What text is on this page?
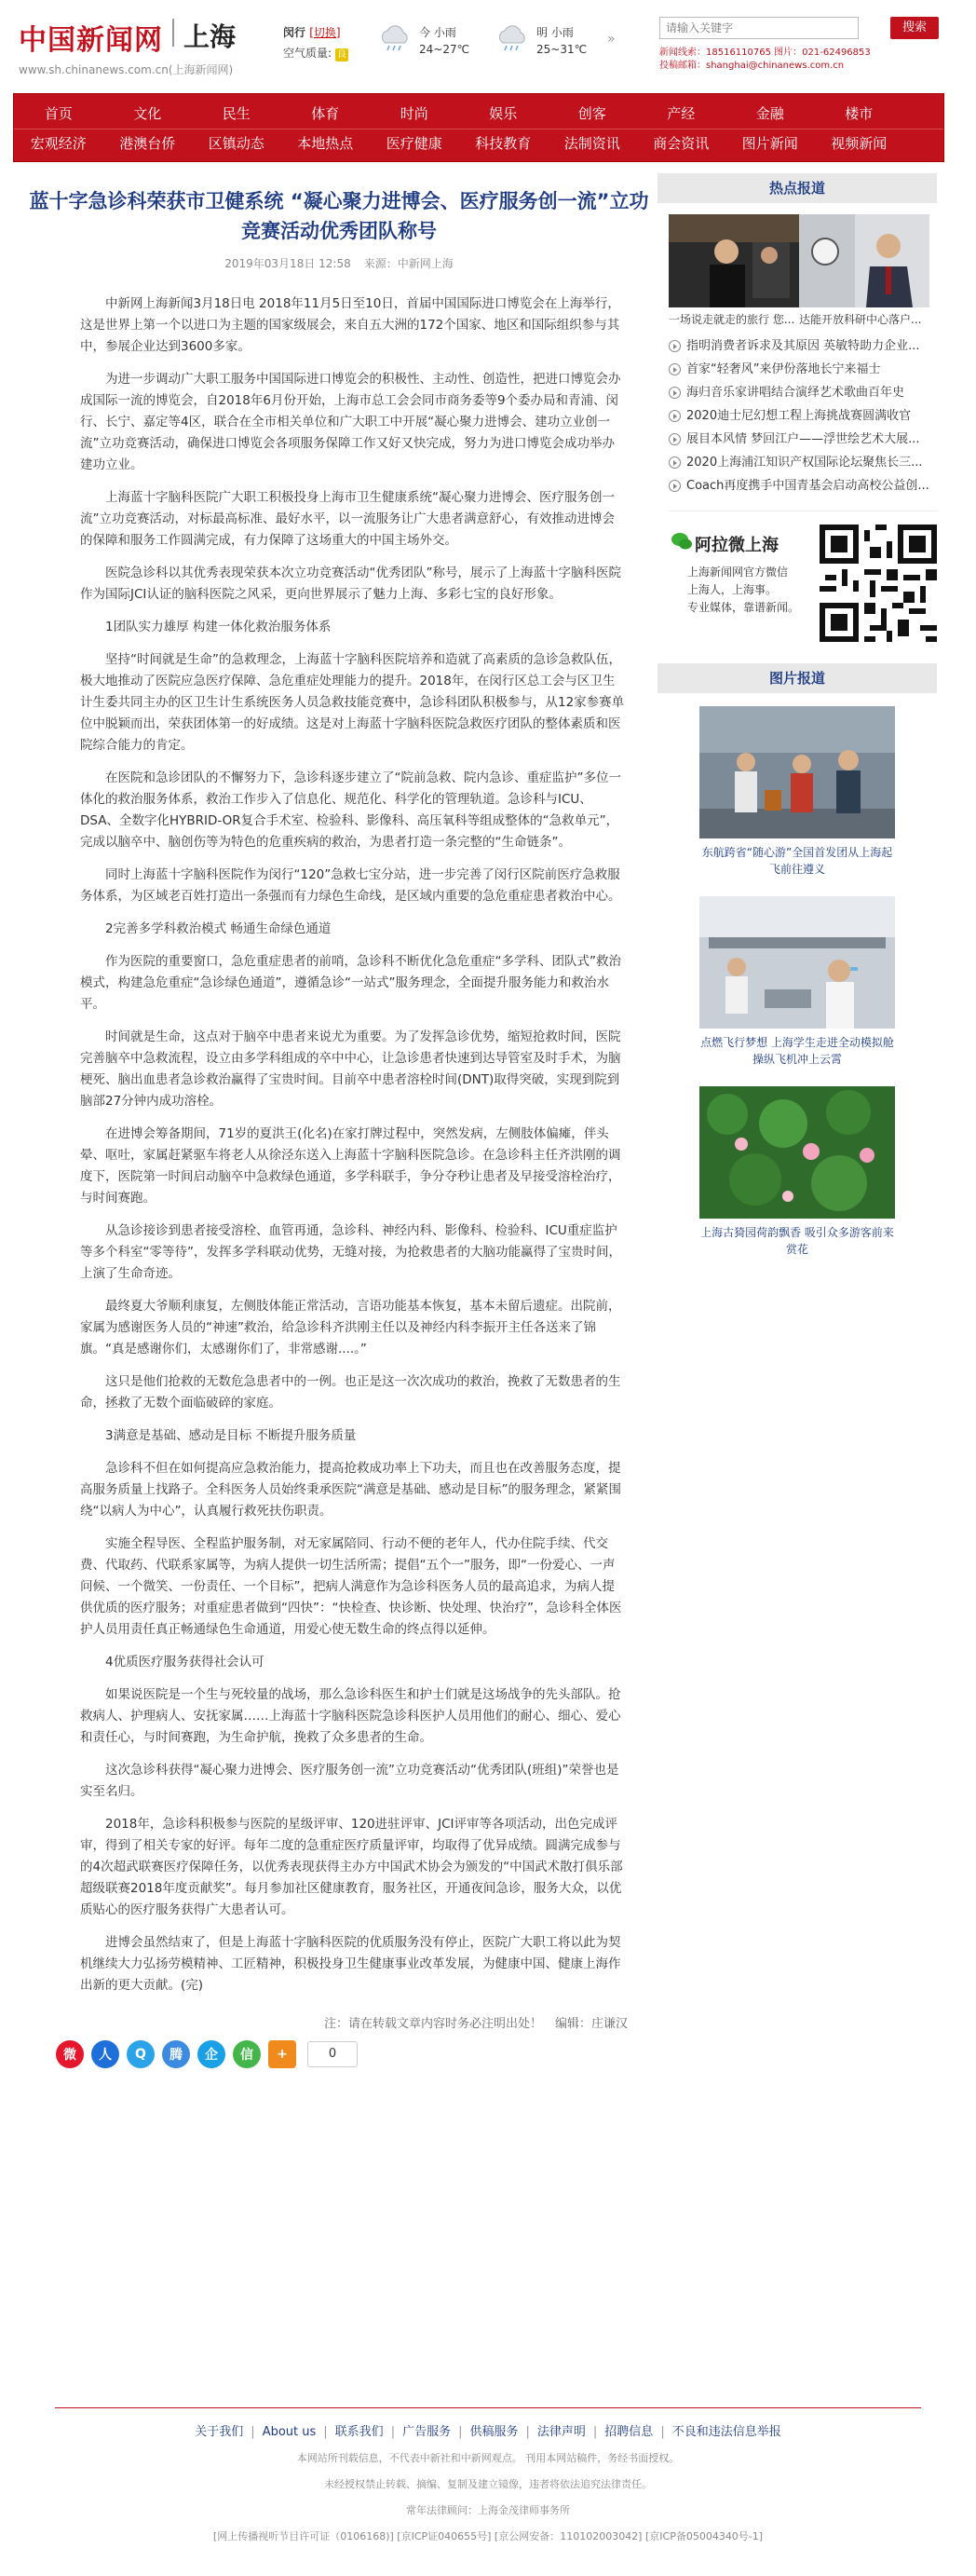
中国新闻网 上海
www.sh.chinanews.com.cn(上海新闻网)
闵行 [切换]
空气质量: 良
今 小雨
24~27℃
明 小雨
25~31℃
»
请输入关键字
搜索
新闻线索：18516110765 图片：021-62496853
投稿邮箱：shanghai@chinanews.com.cn
首页	文化	民生	体育	时尚	娱乐	创客	产经	金融	楼市
宏观经济	港澳台侨	区镇动态	本地热点	医疗健康	科技教育	法制资讯	商会资讯	图片新闻	视频新闻
蓝十字急诊科荣获市卫健系统 “凝心聚力进博会、医疗服务创一流”立功竞赛活动优秀团队称号
2019年03月18日 12:58 来源：中新网上海

中新网上海新闻3月18日电 2018年11月5日至10日，首届中国国际进口博览会在上海举行，这是世界上第一个以进口为主题的国家级展会，来自五大洲的172个国家、地区和国际组织参与其中，参展企业达到3600多家。

为进一步调动广大职工服务中国国际进口博览会的积极性、主动性、创造性，把进口博览会办成国际一流的博览会，自2018年6月份开始，上海市总工会会同市商务委等9个委办局和青浦、闵行、长宁、嘉定等4区，联合在全市相关单位和广大职工中开展“凝心聚力进博会、建功立业创一流”立功竞赛活动，确保进口博览会各项服务保障工作又好又快完成，努力为进口博览会成功举办建功立业。

上海蓝十字脑科医院广大职工积极投身上海市卫生健康系统“凝心聚力进博会、医疗服务创一流”立功竞赛活动，对标最高标准、最好水平，以一流服务让广大患者满意舒心，有效推动进博会的保障和服务工作圆满完成，有力保障了这场重大的中国主场外交。

医院急诊科以其优秀表现荣获本次立功竞赛活动“优秀团队”称号，展示了上海蓝十字脑科医院作为国际JCI认证的脑科医院之风采，更向世界展示了魅力上海、多彩七宝的良好形象。

1团队实力雄厚 构建一体化救治服务体系

坚持“时间就是生命”的急救理念，上海蓝十字脑科医院培养和造就了高素质的急诊急救队伍，极大地推动了医院应急医疗保障、急危重症处理能力的提升。2018年，在闵行区总工会与区卫生计生委共同主办的区卫生计生系统医务人员急救技能竞赛中，急诊科团队积极参与，从12家参赛单位中脱颖而出，荣获团体第一的好成绩。这是对上海蓝十字脑科医院急救医疗团队的整体素质和医院综合能力的肯定。

在医院和急诊团队的不懈努力下，急诊科逐步建立了“院前急救、院内急诊、重症监护”多位一体化的救治服务体系，救治工作步入了信息化、规范化、科学化的管理轨道。急诊科与ICU、DSA、全数字化HYBRID-OR复合手术室、检验科、影像科、高压氧科等组成整体的“急救单元”，完成以脑卒中、脑创伤等为特色的危重疾病的救治，为患者打造一条完整的“生命链条”。

同时上海蓝十字脑科医院作为闵行“120”急救七宝分站，进一步完善了闵行区院前医疗急救服务体系，为区域老百姓打造出一条强而有力绿色生命线，是区域内重要的急危重症患者救治中心。

2完善多学科救治模式 畅通生命绿色通道

作为医院的重要窗口，急危重症患者的前哨，急诊科不断优化急危重症“多学科、团队式”救治模式，构建急危重症“急诊绿色通道”，遵循急诊“一站式”服务理念，全面提升服务能力和救治水平。

时间就是生命，这点对于脑卒中患者来说尤为重要。为了发挥急诊优势，缩短抢救时间，医院完善脑卒中急救流程，设立由多学科组成的卒中中心，让急诊患者快速到达导管室及时手术，为脑梗死、脑出血患者急诊救治赢得了宝贵时间。目前卒中患者溶栓时间(DNT)取得突破，实现到院到脑部27分钟内成功溶栓。

在进博会筹备期间，71岁的夏洪王(化名)在家打牌过程中，突然发病，左侧肢体偏瘫，伴头晕、呕吐，家属赶紧驱车将老人从徐泾东送入上海蓝十字脑科医院急诊。在急诊科主任齐洪刚的调度下，医院第一时间启动脑卒中急救绿色通道，多学科联手，争分夺秒让患者及早接受溶栓治疗，与时间赛跑。

从急诊接诊到患者接受溶栓、血管再通，急诊科、神经内科、影像科、检验科、ICU重症监护等多个科室“零等待”，发挥多学科联动优势，无缝对接，为抢救患者的大脑功能赢得了宝贵时间，上演了生命奇迹。

最终夏大爷顺利康复，左侧肢体能正常活动，言语功能基本恢复，基本未留后遗症。出院前，家属为感谢医务人员的“神速”救治，给急诊科齐洪刚主任以及神经内科李振开主任各送来了锦旗。“真是感谢你们，太感谢你们了，非常感谢....。”

这只是他们抢救的无数危急患者中的一例。也正是这一次次成功的救治，挽救了无数患者的生命，拯救了无数个面临破碎的家庭。

3满意是基础、感动是目标 不断提升服务质量

急诊科不但在如何提高应急救治能力，提高抢救成功率上下功夫，而且也在改善服务态度，提高服务质量上找路子。全科医务人员始终秉承医院“满意是基础、感动是目标”的服务理念，紧紧围绕“以病人为中心”，认真履行救死扶伤职责。

实施全程导医、全程监护服务制，对无家属陪同、行动不便的老年人，代办住院手续、代交费、代取药、代联系家属等，为病人提供一切生活所需；提倡“五个一”服务，即“一份爱心、一声问候、一个微笑、一份责任、一个目标”，把病人满意作为急诊科医务人员的最高追求，为病人提供优质的医疗服务；对重症患者做到“四快”：“快检查、快诊断、快处理、快治疗”，急诊科全体医护人员用责任真正畅通绿色生命通道，用爱心使无数生命的终点得以延伸。

4优质医疗服务获得社会认可

如果说医院是一个生与死较量的战场，那么急诊科医生和护士们就是这场战争的先头部队。抢救病人、护理病人、安抚家属……上海蓝十字脑科医院急诊科医护人员用他们的耐心、细心、爱心和责任心，与时间赛跑，为生命护航，挽救了众多患者的生命。

这次急诊科获得“凝心聚力进博会、医疗服务创一流”立功竞赛活动“优秀团队(班组)”荣誉也是实至名归。

2018年，急诊科积极参与医院的星级评审、120进驻评审、JCI评审等各项活动，出色完成评审，得到了相关专家的好评。每年二度的急重症医疗质量评审，均取得了优异成绩。圆满完成参与的4次超武联赛医疗保障任务，以优秀表现获得主办方中国武术协会为颁发的“中国武术散打俱乐部超级联赛2018年度贡献奖”。每月参加社区健康教育，服务社区，开通夜间急诊，服务大众，以优质贴心的医疗服务获得广大患者认可。

进博会虽然结束了，但是上海蓝十字脑科医院的优质服务没有停止，医院广大职工将以此为契机继续大力弘扬劳模精神、工匠精神，积极投身卫生健康事业改革发展，为健康中国、健康上海作出新的更大贡献。(完)

注：请在转载文章内容时务必注明出处！ 编辑：庄谦汉
微	人	Q	腾	企	信	+	0
热点报道
一场说走就走的旅行 您... 达能开放科研中心落户...
指明消费者诉求及其原因 英敏特助力企业...
首家“轻奢风”来伊份落地长宁来福士
海归音乐家讲唱结合演绎艺术歌曲百年史
2020迪士尼幻想工程上海挑战赛圆满收官
展目本风情 梦回江户——浮世绘艺术大展...
2020上海浦江知识产权国际论坛聚焦长三...
Coach再度携手中国青基会启动高校公益创...
阿拉微上海
上海新闻网官方微信
上海人，上海事。
专业媒体，靠谱新闻。
图片报道
东航跨省“随心游”全国首发团从上海起飞前往遵义
点燃飞行梦想 上海学生走进全动模拟舱操纵飞机冲上云霄
上海古猗园荷韵飘香 吸引众多游客前来赏花
关于我们 | About us | 联系我们 | 广告服务 | 供稿服务 | 法律声明 | 招聘信息 | 不良和违法信息举报
本网站所刊载信息，不代表中新社和中新网观点。 刊用本网站稿件，务经书面授权。
未经授权禁止转载、摘编、复制及建立镜像，违者将依法追究法律责任。
常年法律顾问：上海金茂律师事务所
[网上传播视听节目许可证（0106168)] [京ICP证040655号] [京公网安备：110102003042] [京ICP备05004340号-1]
